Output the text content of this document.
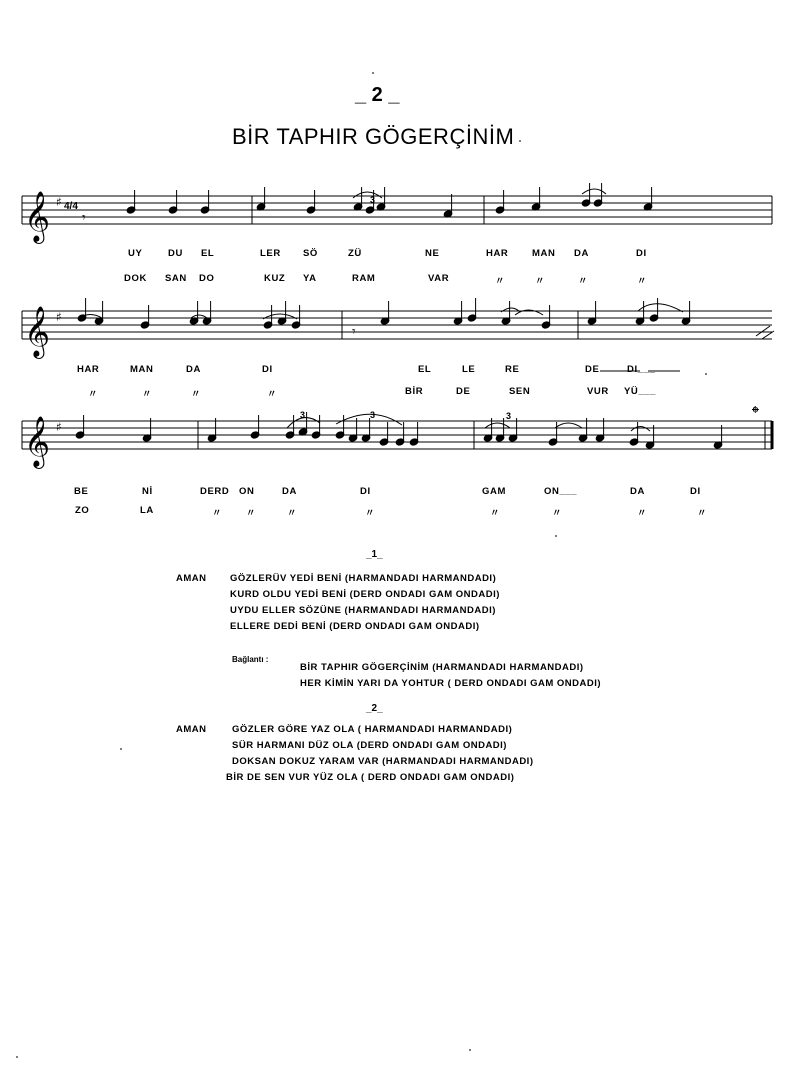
_ 2 _
BİR TAPHIR GÖGERÇİNİM
𝄞
𝄞
𝄞
♯
♯
♯
4/4
𝄾
𝄾
3
3	3	3	𝄌
UY	DU EL	LER SÖ	ZÜ	NE	HAR MAN DA	DI
DOK SAN DO	KUZ YA	RAM	VAR	〃	〃	〃	〃
HAR	MAN	DA	DI	EL	LE	RE	DE	DI___
〃	〃	〃	〃	BİR	DE	SEN	VUR YÜ___
BE	Nİ	DERD ON	DA	DI	GAM	ON___	DA	DI
ZO	LA	〃	〃	〃	〃	〃	〃	〃	〃
_1_
AMAN GÖZLERÜV YEDİ BENİ (HARMANDADI HARMANDADI)
KURD OLDU YEDİ BENİ (DERD ONDADI GAM ONDADI)
UYDU ELLER SÖZÜNE (HARMANDADI HARMANDADI)
ELLERE DEDİ BENİ (DERD ONDADI GAM ONDADI)
Bağlantı :
BİR TAPHIR GÖGERÇİNİM (HARMANDADI HARMANDADI)
HER KİMİN YARI DA YOHTUR ( DERD ONDADI GAM ONDADI)
_2_
AMAN	GÖZLER GÖRE YAZ OLA ( HARMANDADI HARMANDADI)
SÜR HARMANI DÜZ OLA (DERD ONDADI GAM ONDADI)
DOKSAN DOKUZ YARAM VAR (HARMANDADI HARMANDADI)
BİR DE SEN VUR YÜZ OLA ( DERD ONDADI GAM ONDADI)
